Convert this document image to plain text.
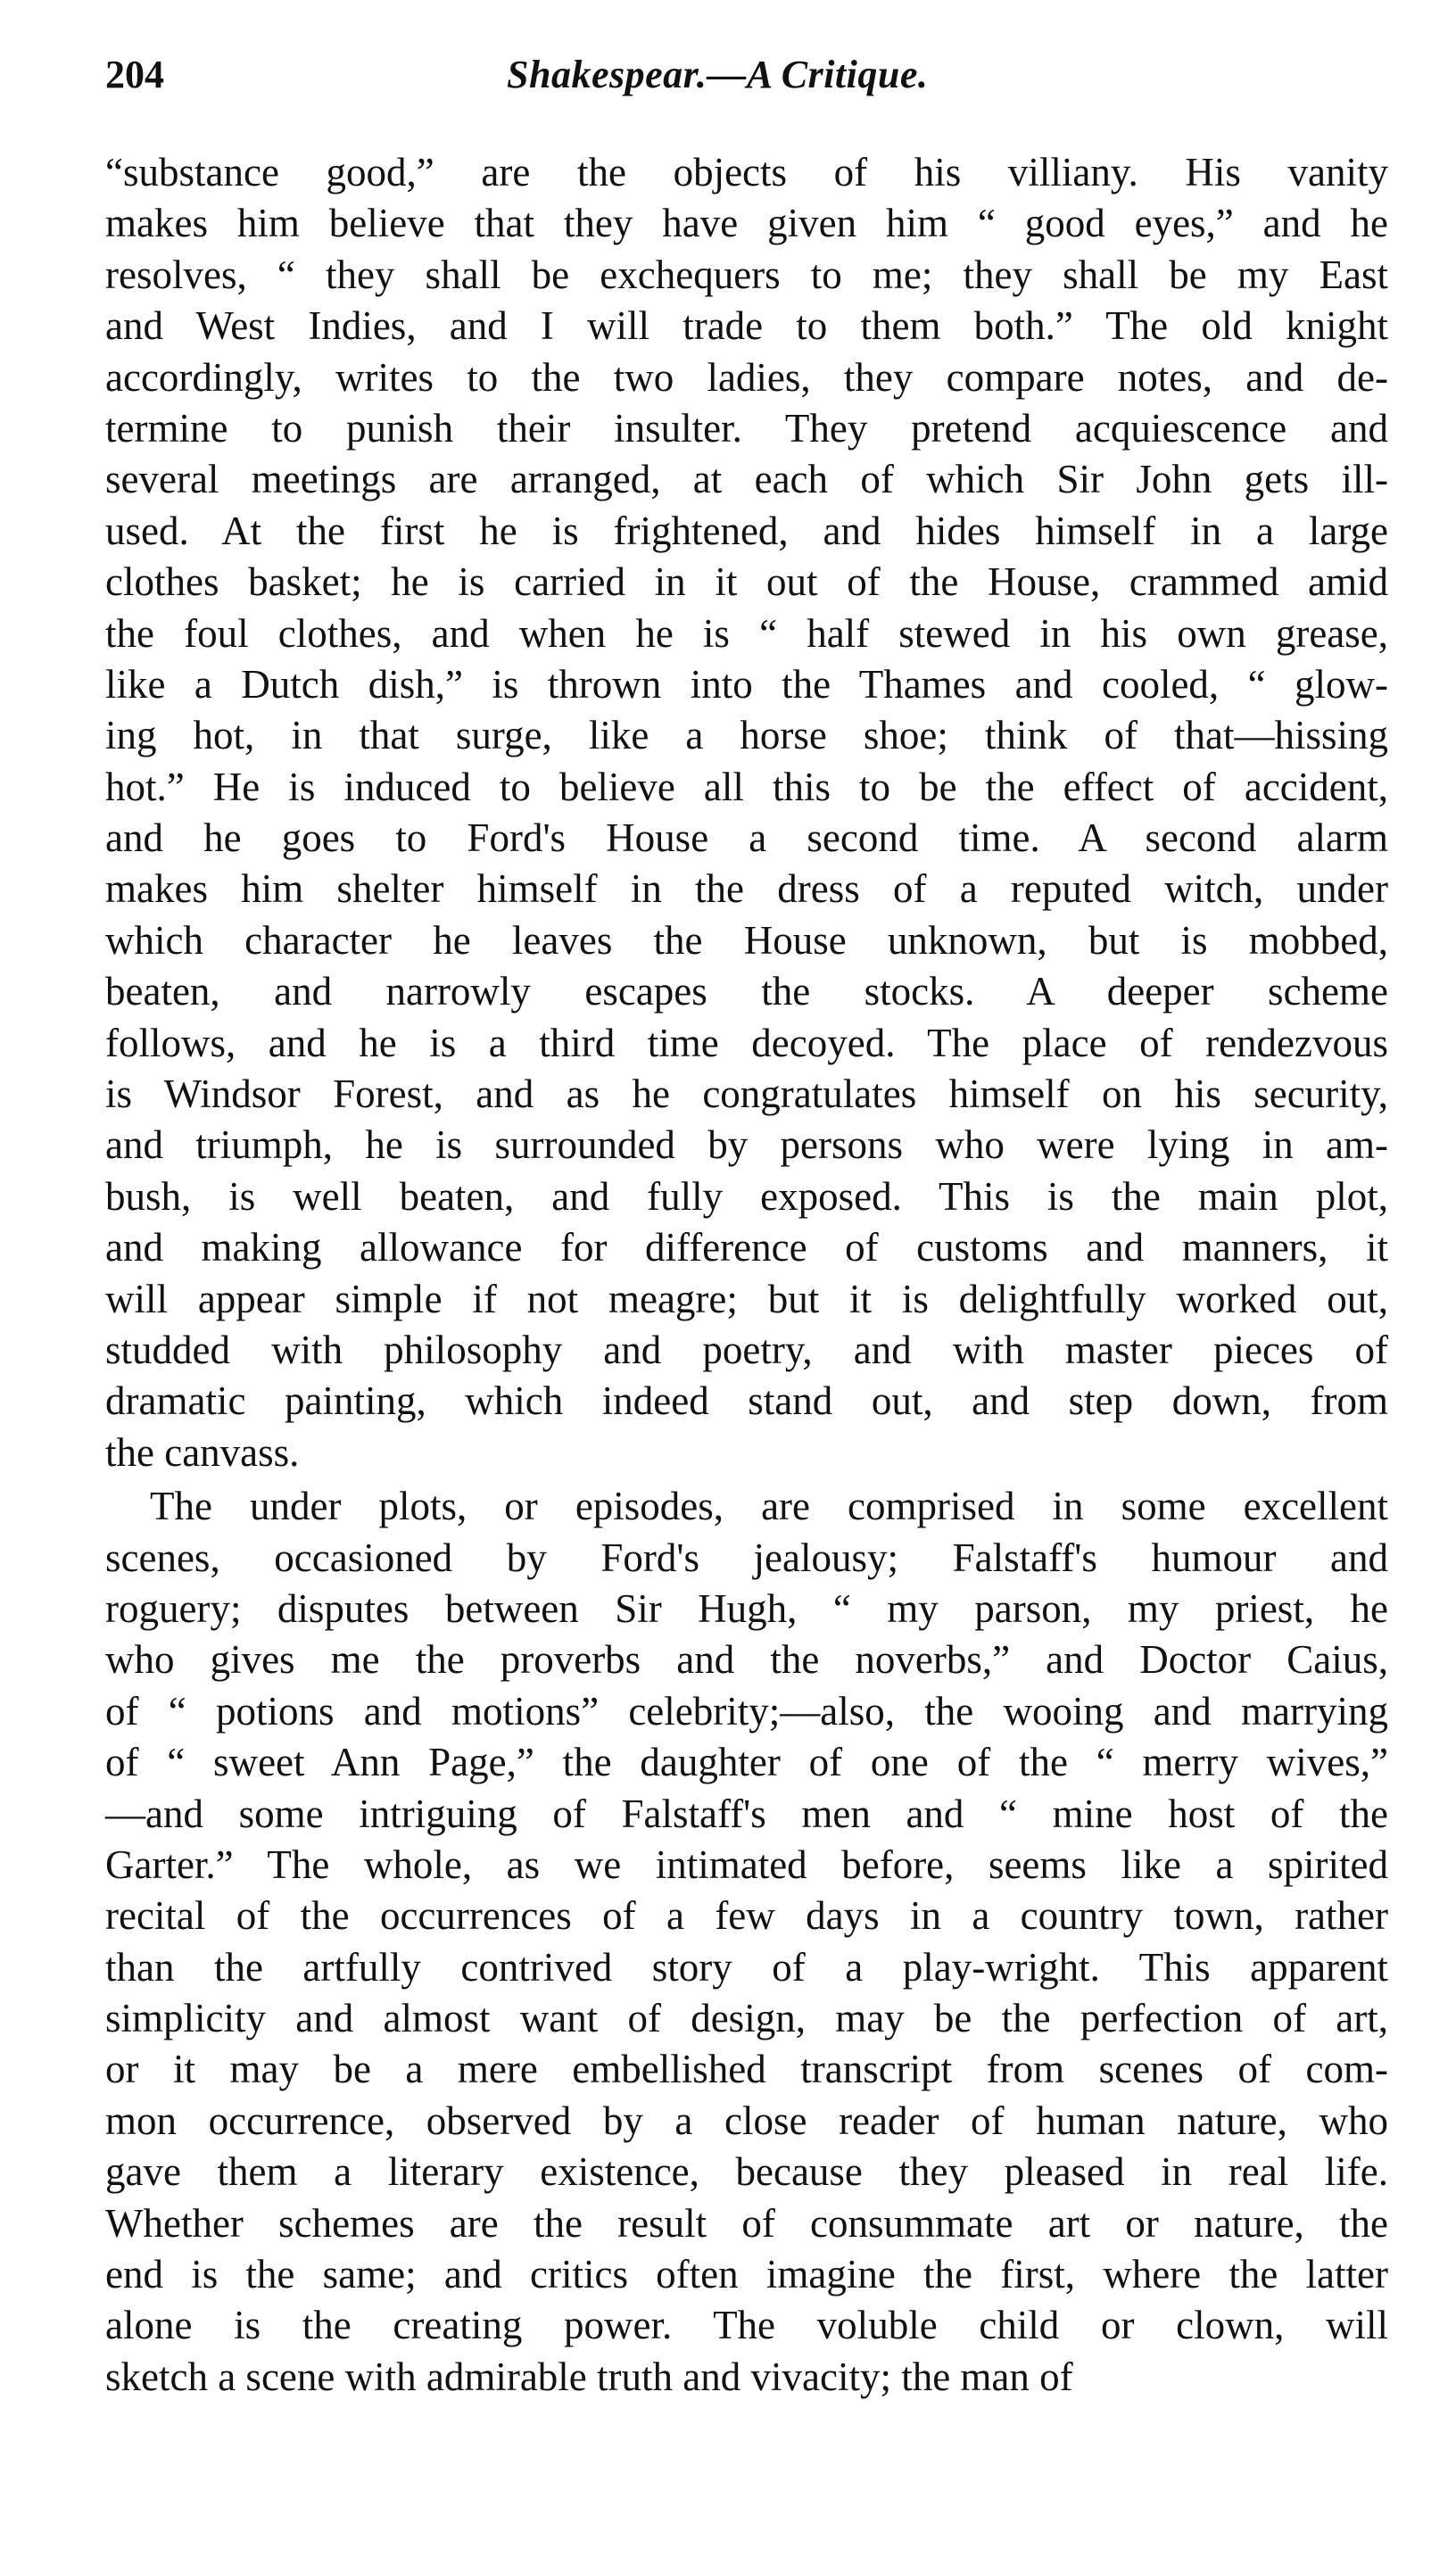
204	Shakespear.—A Critique.
“substance good,” are the objects of his villiany. His vanity
makes him believe that they have given him “ good eyes,” and he
resolves, “ they shall be exchequers to me; they shall be my East
and West Indies, and I will trade to them both.” The old knight
accordingly, writes to the two ladies, they compare notes, and de-
termine to punish their insulter. They pretend acquiescence and
several meetings are arranged, at each of which Sir John gets ill-
used. At the first he is frightened, and hides himself in a large
clothes basket; he is carried in it out of the House, crammed amid
the foul clothes, and when he is “ half stewed in his own grease,
like a Dutch dish,” is thrown into the Thames and cooled, “ glow-
ing hot, in that surge, like a horse shoe; think of that—hissing
hot.” He is induced to believe all this to be the effect of accident,
and he goes to Ford's House a second time. A second alarm
makes him shelter himself in the dress of a reputed witch, under
which character he leaves the House unknown, but is mobbed,
beaten, and narrowly escapes the stocks. A deeper scheme
follows, and he is a third time decoyed. The place of rendezvous
is Windsor Forest, and as he congratulates himself on his security,
and triumph, he is surrounded by persons who were lying in am-
bush, is well beaten, and fully exposed. This is the main plot,
and making allowance for difference of customs and manners, it
will appear simple if not meagre; but it is delightfully worked out,
studded with philosophy and poetry, and with master pieces of
dramatic painting, which indeed stand out, and step down, from
the canvass.
The under plots, or episodes, are comprised in some excellent
scenes, occasioned by Ford's jealousy; Falstaff's humour and
roguery; disputes between Sir Hugh, “ my parson, my priest, he
who gives me the proverbs and the noverbs,” and Doctor Caius,
of “ potions and motions” celebrity;—also, the wooing and marrying
of “ sweet Ann Page,” the daughter of one of the “ merry wives,”
—and some intriguing of Falstaff's men and “ mine host of the
Garter.” The whole, as we intimated before, seems like a spirited
recital of the occurrences of a few days in a country town, rather
than the artfully contrived story of a play-wright. This apparent
simplicity and almost want of design, may be the perfection of art,
or it may be a mere embellished transcript from scenes of com-
mon occurrence, observed by a close reader of human nature, who
gave them a literary existence, because they pleased in real life.
Whether schemes are the result of consummate art or nature, the
end is the same; and critics often imagine the first, where the latter
alone is the creating power. The voluble child or clown, will
sketch a scene with admirable truth and vivacity; the man of
